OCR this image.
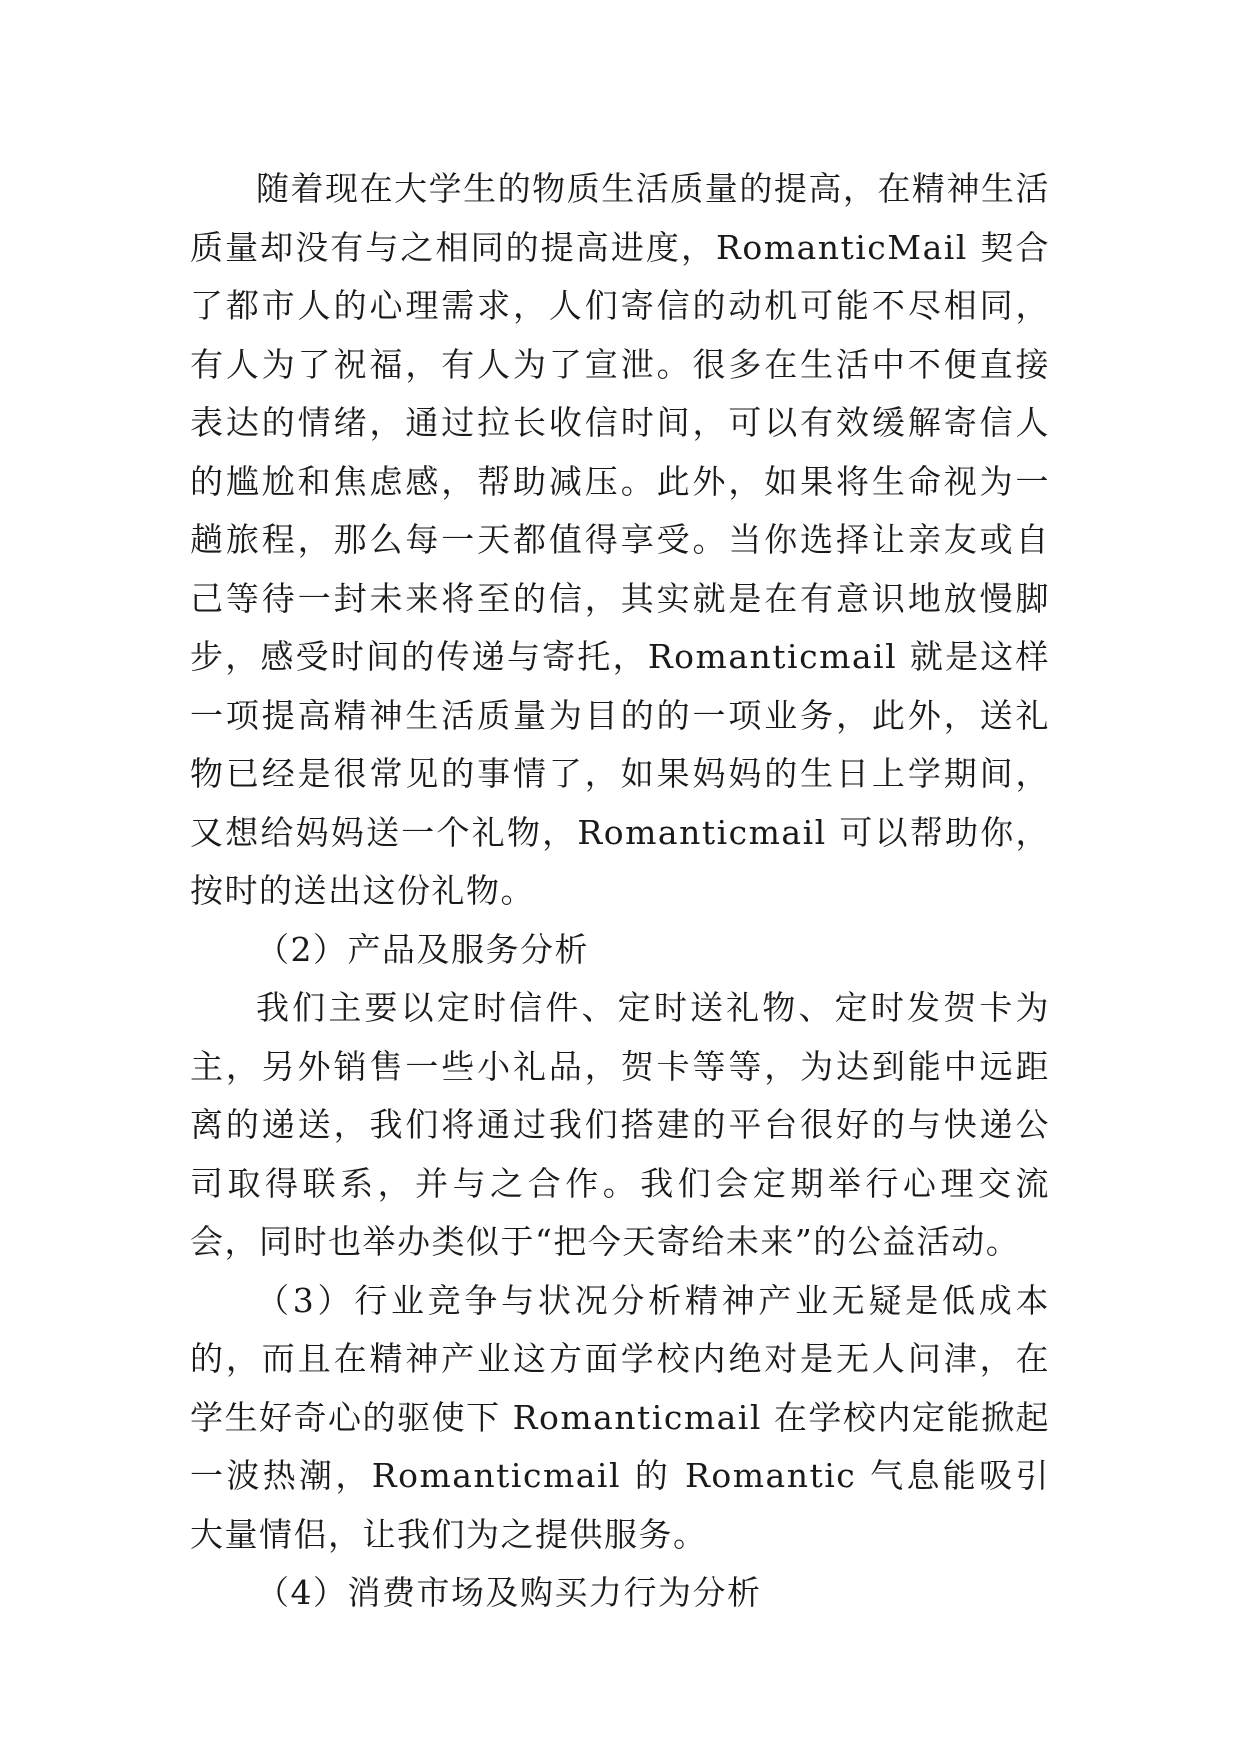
随着现在大学生的物质生活质量的提高，在精神生活质量却没有与之相同的提高进度，RomanticMail 契合了都市人的心理需求，人们寄信的动机可能不尽相同，有人为了祝福，有人为了宣泄。很多在生活中不便直接表达的情绪，通过拉长收信时间，可以有效缓解寄信人的尴尬和焦虑感，帮助减压。此外，如果将生命视为一趟旅程，那么每一天都值得享受。当你选择让亲友或自己等待一封未来将至的信，其实就是在有意识地放慢脚步，感受时间的传递与寄托，Romanticmail 就是这样一项提高精神生活质量为目的的一项业务，此外，送礼物已经是很常见的事情了，如果妈妈的生日上学期间，又想给妈妈送一个礼物，Romanticmail 可以帮助你，按时的送出这份礼物。

（2）产品及服务分析

我们主要以定时信件、定时送礼物、定时发贺卡为主，另外销售一些小礼品，贺卡等等，为达到能中远距离的递送，我们将通过我们搭建的平台很好的与快递公司取得联系，并与之合作。我们会定期举行心理交流会，同时也举办类似于“把今天寄给未来”的公益活动。

（3）行业竞争与状况分析精神产业无疑是低成本的，而且在精神产业这方面学校内绝对是无人问津，在学生好奇心的驱使下 Romanticmail 在学校内定能掀起一波热潮，Romanticmail 的 Romantic 气息能吸引大量情侣，让我们为之提供服务。

（4）消费市场及购买力行为分析
